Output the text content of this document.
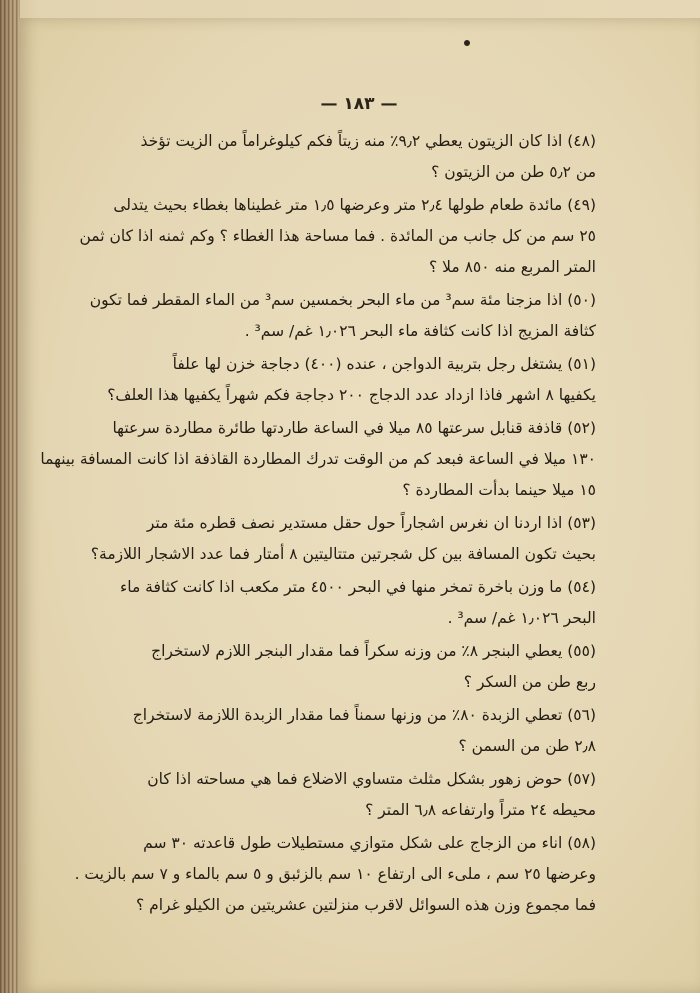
— ١٨٣ —
(٤٨) اذا كان الزيتون يعطي ٩٫٢٪ منه زيتاً فكم كيلوغراماً من الزيت تؤخذ
من ٥٫٢ طن من الزيتون ؟
(٤٩) مائدة طعام طولها ٢٫٤ متر وعرضها ١٫٥ متر غطيناها بغطاء بحيث يتدلى
٢٥ سم من كل جانب من المائدة . فما مساحة هذا الغطاء ؟ وكم ثمنه اذا كان ثمن
المتر المربع منه ٨٥٠ ملا ؟
(٥٠) اذا مزجنا مئة سم³ من ماء البحر بخمسين سم³ من الماء المقطر فما تكون
كثافة المزيج اذا كانت كثافة ماء البحر ١٫٠٢٦ غم/ سم³ .
(٥١) يشتغل رجل بتربية الدواجن ، عنده (٤٠٠) دجاجة خزن لها علفاً
يكفيها ٨ اشهر فاذا ازداد عدد الدجاج ٢٠٠ دجاجة فكم شهراً يكفيها هذا العلف؟
(٥٢) قاذفة قنابل سرعتها ٨٥ ميلا في الساعة طاردتها طائرة مطاردة سرعتها
١٣٠ ميلا في الساعة فبعد كم من الوقت تدرك المطاردة القاذفة اذا كانت المسافة بينهما
١٥ ميلا حينما بدأت المطاردة ؟
(٥٣) اذا اردنا ان نغرس اشجاراً حول حقل مستدير نصف قطره مئة متر
بحيث تكون المسافة بين كل شجرتين متتاليتين ٨ أمتار فما عدد الاشجار اللازمة؟
(٥٤) ما وزن باخرة تمخر منها في البحر ٤٥٠٠ متر مكعب اذا كانت كثافة ماء
البحر ١٫٠٢٦ غم/ سم³ .
(٥٥) يعطي البنجر ٨٪ من وزنه سكراً فما مقدار البنجر اللازم لاستخراج
ربع طن من السكر ؟
(٥٦) تعطي الزبدة ٨٠٪ من وزنها سمناً فما مقدار الزبدة اللازمة لاستخراج
٢٫٨ طن من السمن ؟
(٥٧) حوض زهور بشكل مثلث متساوي الاضلاع فما هي مساحته اذا كان
محيطه ٢٤ متراً وارتفاعه ٦٫٨ المتر ؟
(٥٨) اناء من الزجاج على شكل متوازي مستطيلات طول قاعدته ٣٠ سم
وعرضها ٢٥ سم ، ملىء الى ارتفاع ١٠ سم بالزئبق و ٥ سم بالماء و ٧ سم بالزيت .
فما مجموع وزن هذه السوائل لاقرب منزلتين عشريتين من الكيلو غرام ؟
